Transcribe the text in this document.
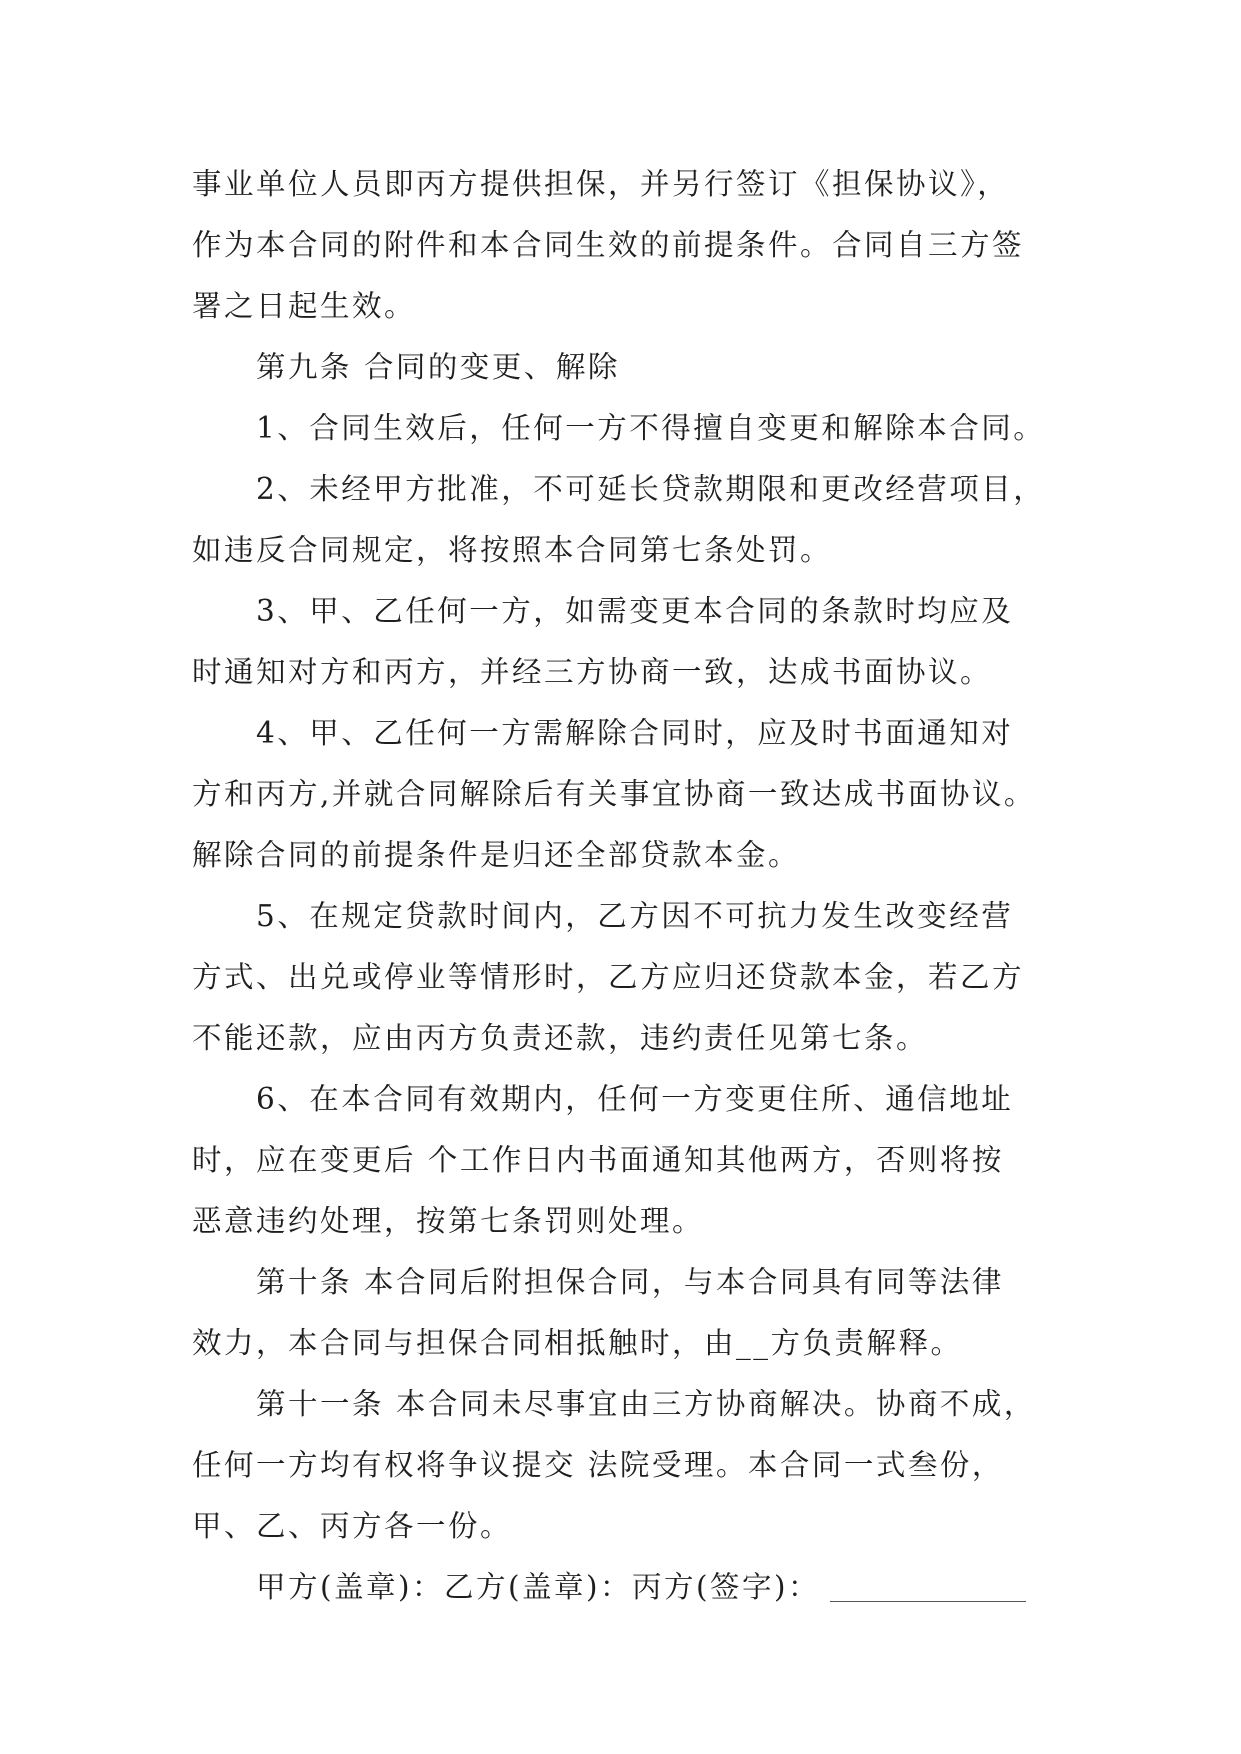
事业单位人员即丙方提供担保，并另行签订《担保协议》，
作为本合同的附件和本合同生效的前提条件。合同自三方签
署之日起生效。
第九条 合同的变更、解除
1、合同生效后，任何一方不得擅自变更和解除本合同。
2、未经甲方批准，不可延长贷款期限和更改经营项目，
如违反合同规定，将按照本合同第七条处罚。
3、甲、乙任何一方，如需变更本合同的条款时均应及
时通知对方和丙方，并经三方协商一致，达成书面协议。
4、甲、乙任何一方需解除合同时，应及时书面通知对
方和丙方,并就合同解除后有关事宜协商一致达成书面协议。
解除合同的前提条件是归还全部贷款本金。
5、在规定贷款时间内，乙方因不可抗力发生改变经营
方式、出兑或停业等情形时，乙方应归还贷款本金，若乙方
不能还款，应由丙方负责还款，违约责任见第七条。
6、在本合同有效期内，任何一方变更住所、通信地址
时，应在变更后 个工作日内书面通知其他两方，否则将按
恶意违约处理，按第七条罚则处理。
第十条 本合同后附担保合同，与本合同具有同等法律
效力，本合同与担保合同相抵触时，由__方负责解释。
第十一条 本合同未尽事宜由三方协商解决。协商不成，
任何一方均有权将争议提交 法院受理。本合同一式叁份，
甲、乙、丙方各一份。
甲方(盖章)：乙方(盖章)：丙方(签字)：
